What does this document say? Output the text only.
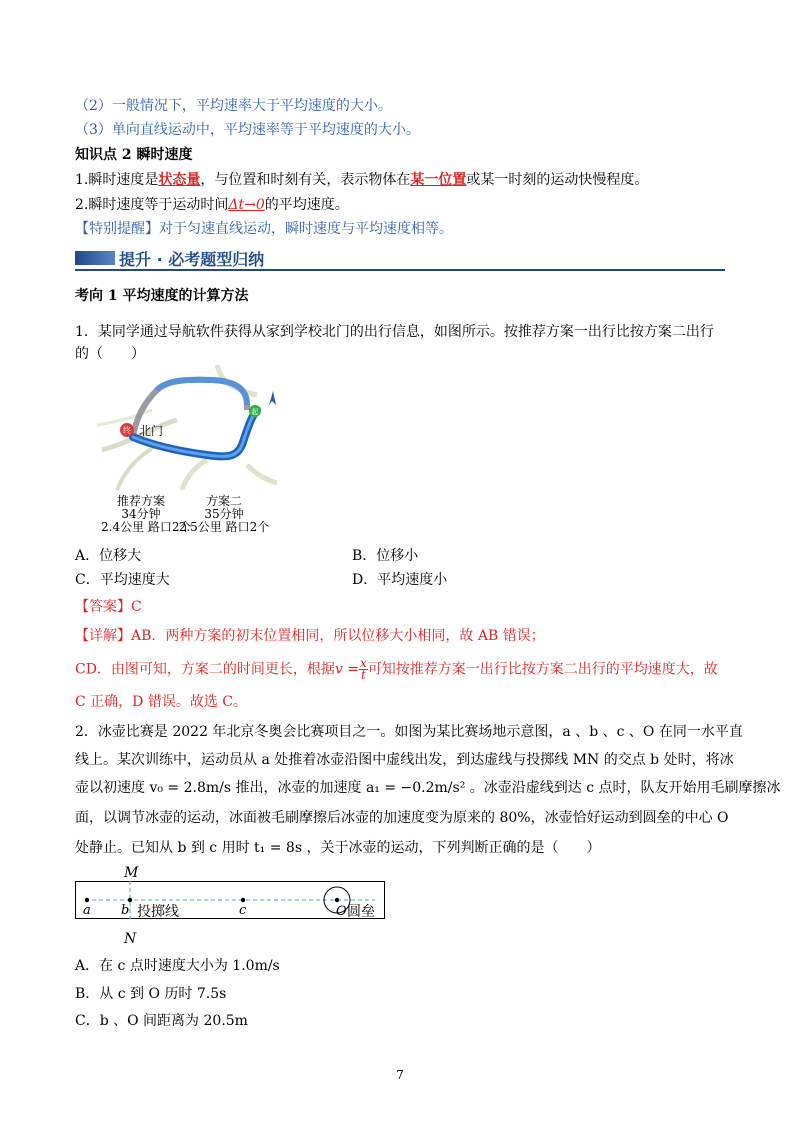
（2）一般情况下，平均速率大于平均速度的大小。
（3）单向直线运动中，平均速率等于平均速度的大小。
知识点 2 瞬时速度
1.瞬时速度是状态量，与位置和时刻有关，表示物体在某一位置或某一时刻的运动快慢程度。
2.瞬时速度等于运动时间Δt→0的平均速度。
【特别提醒】对于匀速直线运动，瞬时速度与平均速度相等。
提升 · 必考题型归纳
考向 1 平均速度的计算方法
1．某同学通过导航软件获得从家到学校北门的出行信息，如图所示。按推荐方案一出行比按方案二出行
的（　　）
终 北门
起
推荐方案
34分钟
2.4公里 路口2个
方案二
35分钟
2.5公里 路口2个
A．位移大	B．位移小
C．平均速度大	D．平均速度小
【答案】C
【详解】AB．两种方案的初末位置相同，所以位移大小相同，故 AB 错误；
CD．由图可知，方案二的时间更长，根据$v = \frac{x}{t}$ 可知按推荐方案一出行比按方案二出行的平均速度大，故
C 正确，D 错误。故选 C。
2．冰壶比赛是 2022 年北京冬奥会比赛项目之一。如图为某比赛场地示意图，a 、b 、c 、O 在同一水平直
线上。某次训练中，运动员从 a 处推着冰壶沿图中虚线出发，到达虚线与投掷线 MN 的交点 b 处时，将冰
壶以初速度 v₀ = 2.8m/s 推出，冰壶的加速度 a₁ = −0.2m/s² 。冰壶沿虚线到达 c 点时，队友开始用毛刷摩擦冰
面，以调节冰壶的运动，冰面被毛刷摩擦后冰壶的加速度变为原来的 80%，冰壶恰好运动到圆垒的中心 O
处静止。已知从 b 到 c 用时 t₁ = 8s ，关于冰壶的运动，下列判断正确的是（　　）
a b 投掷线	c	O 圆垒
M
N
A．在 c 点时速度大小为 1.0m/s
B．从 c 到 O 历时 7.5s
C．b 、O 间距离为 20.5m
7
